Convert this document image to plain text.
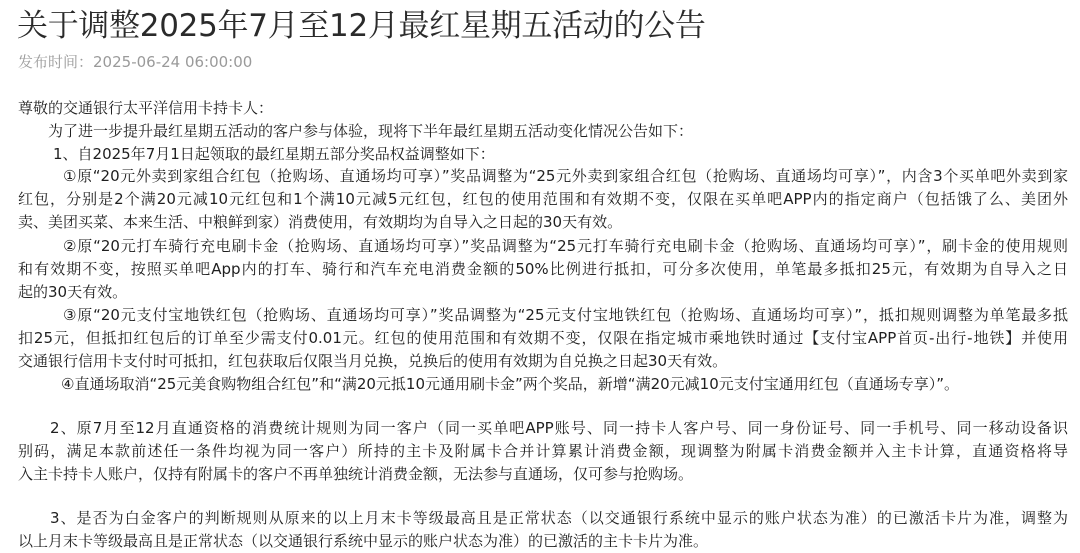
关于调整2025年7月至12月最红星期五活动的公告
发布时间：2025-06-24 06:00:00
尊敬的交通银行太平洋信用卡持卡人：
为了进一步提升最红星期五活动的客户参与体验，现将下半年最红星期五活动变化情况公告如下：
1、自2025年7月1日起领取的最红星期五部分奖品权益调整如下：
①原“20元外卖到家组合红包（抢购场、直通场均可享）”奖品调整为“25元外卖到家组合红包（抢购场、直通场均可享）”，内含3个买单吧外卖到家
红包，分别是2个满20元减10元红包和1个满10元减5元红包，红包的使用范围和有效期不变，仅限在买单吧APP内的指定商户（包括饿了么、美团外
卖、美团买菜、本来生活、中粮鲜到家）消费使用，有效期均为自导入之日起的30天有效。
②原“20元打车骑行充电刷卡金（抢购场、直通场均可享）”奖品调整为“25元打车骑行充电刷卡金（抢购场、直通场均可享）”，刷卡金的使用规则
和有效期不变，按照买单吧App内的打车、骑行和汽车充电消费金额的50%比例进行抵扣，可分多次使用，单笔最多抵扣25元，有效期为自导入之日
起的30天有效。
③原“20元支付宝地铁红包（抢购场、直通场均可享）”奖品调整为“25元支付宝地铁红包（抢购场、直通场均可享）”，抵扣规则调整为单笔最多抵
扣25元，但抵扣红包后的订单至少需支付0.01元。红包的使用范围和有效期不变，仅限在指定城市乘地铁时通过【支付宝APP首页-出行-地铁】并使用
交通银行信用卡支付时可抵扣，红包获取后仅限当月兑换，兑换后的使用有效期为自兑换之日起30天有效。
④直通场取消“25元美食购物组合红包”和“满20元抵10元通用刷卡金”两个奖品，新增“满20元减10元支付宝通用红包（直通场专享）”。
2、原7月至12月直通资格的消费统计规则为同一客户（同一买单吧APP账号、同一持卡人客户号、同一身份证号、同一手机号、同一移动设备识
别码，满足本款前述任一条件均视为同一客户）所持的主卡及附属卡合并计算累计消费金额，现调整为附属卡消费金额并入主卡计算，直通资格将导
入主卡持卡人账户，仅持有附属卡的客户不再单独统计消费金额，无法参与直通场，仅可参与抢购场。
3、是否为白金客户的判断规则从原来的以上月末卡等级最高且是正常状态（以交通银行系统中显示的账户状态为准）的已激活卡片为准，调整为
以上月末卡等级最高且是正常状态（以交通银行系统中显示的账户状态为准）的已激活的主卡卡片为准。
